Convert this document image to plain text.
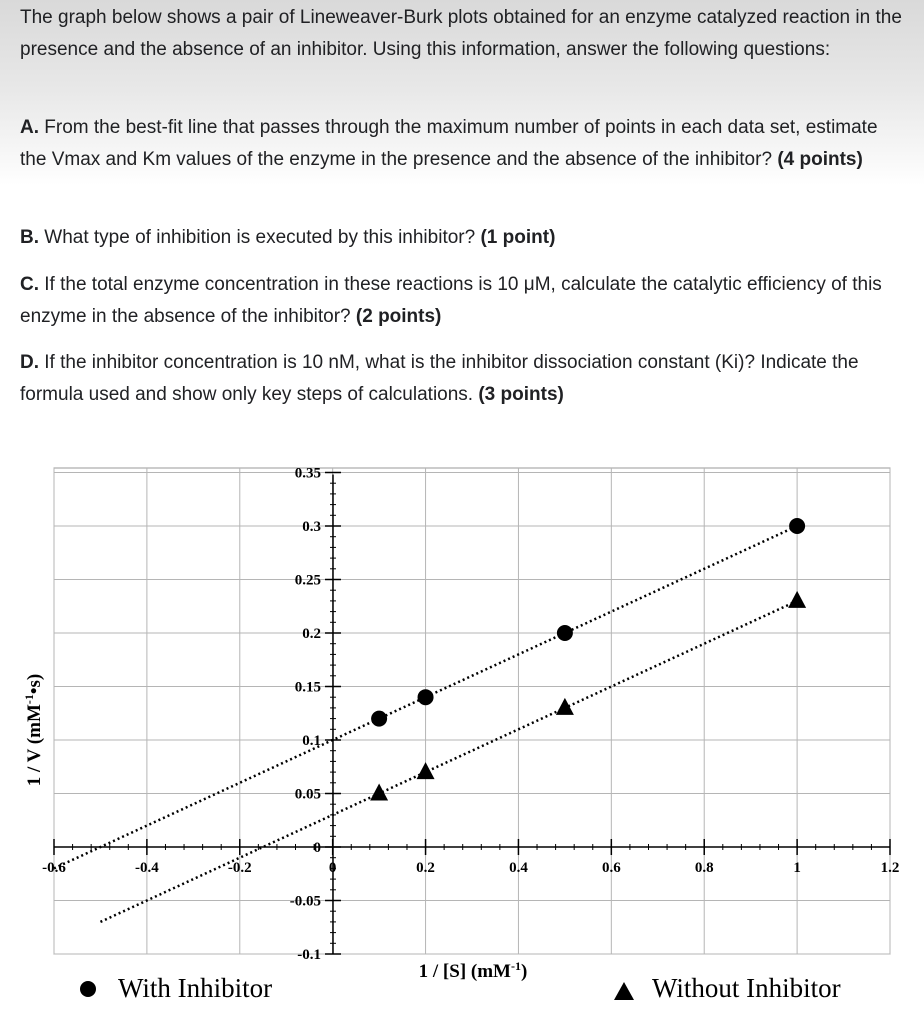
The graph below shows a pair of Lineweaver-Burk plots obtained for an enzyme catalyzed reaction in the presence and the absence of an inhibitor. Using this information, answer the following questions:

A. From the best-fit line that passes through the maximum number of points in each data set, estimate the Vmax and Km values of the enzyme in the presence and the absence of the inhibitor? (4 points)

B. What type of inhibition is executed by this inhibitor? (1 point)

C. If the total enzyme concentration in these reactions is 10 μM, calculate the catalytic efficiency of this enzyme in the absence of the inhibitor? (2 points)

D. If the inhibitor concentration is 10 nM, what is the inhibitor dissociation constant (Ki)? Indicate the formula used and show only key steps of calculations. (3 points)

0.35
0.3
0.25
0.2
0.15
0.1
0.05
0
-0.05
-0.1
-0.6	-0.4	-0.2	0	0.2	0.4	0.6	0.8	1	1.2
1 / V $(mM^{-1}•s)$
1 / [S] $(mM^{-1})$
With Inhibitor	Without Inhibitor
